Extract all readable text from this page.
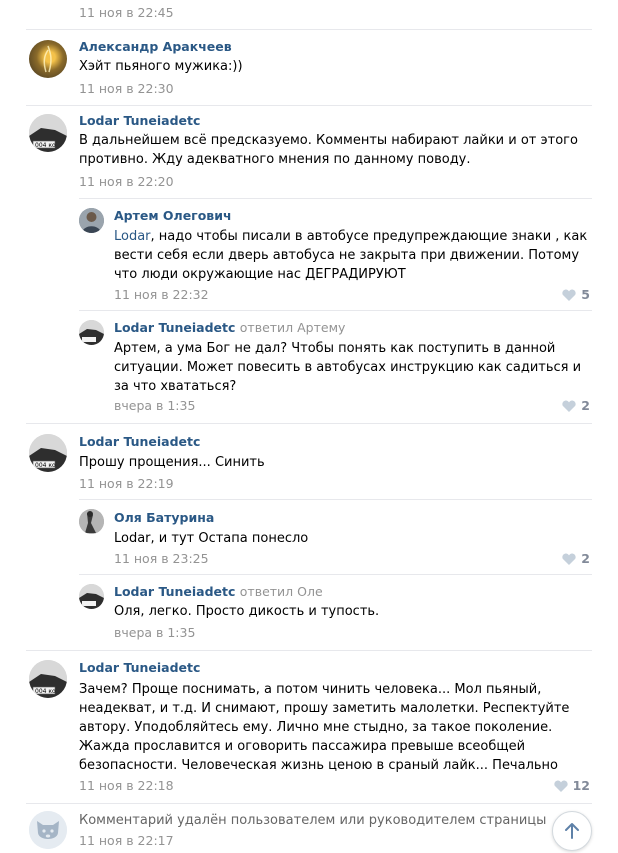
11 ноя в 22:45
Александр Аракчеев
Хэйт пьяного мужика:))
11 ноя в 22:30
004 ко
Lodar Tuneiadetc
В дальнейшем всё предсказуемо. Комменты набирают лайки и от этого противно. Жду адекватного мнения по данному поводу.
11 ноя в 22:20
Артем Олегович
Lodar, надо чтобы писали в автобусе предупреждающие знаки , как вести себя если дверь автобуса не закрыта при движении. Потому что люди окружающие нас ДЕГРАДИРУЮТ
11 ноя в 22:32	5
Lodar Tuneiadetc ответил Артему
Артем, а ума Бог не дал? Чтобы понять как поступить в данной ситуации. Может повесить в автобусах инструкцию как садиться и за что хвататься?
вчера в 1:35	2
004 ко
Lodar Tuneiadetc
Прошу прощения... Синить
11 ноя в 22:19
Оля Батурина
Lodar, и тут Остапа понесло
11 ноя в 23:25	2
Lodar Tuneiadetc ответил Оле
Оля, легко. Просто дикость и тупость.
вчера в 1:35
004 ко
Lodar Tuneiadetc
Зачем? Проще поснимать, а потом чинить человека... Мол пьяный, неадекват, и т.д. И снимают, прошу заметить малолетки. Респектуйте автору. Уподобляйтесь ему. Лично мне стыдно, за такое поколение. Жажда прославится и оговорить пассажира превыше всеобщей безопасности. Человеческая жизнь ценою в сраный лайк... Печально
11 ноя в 22:18	12
Комментарий удалён пользователем или руководителем страницы
11 ноя в 22:17
